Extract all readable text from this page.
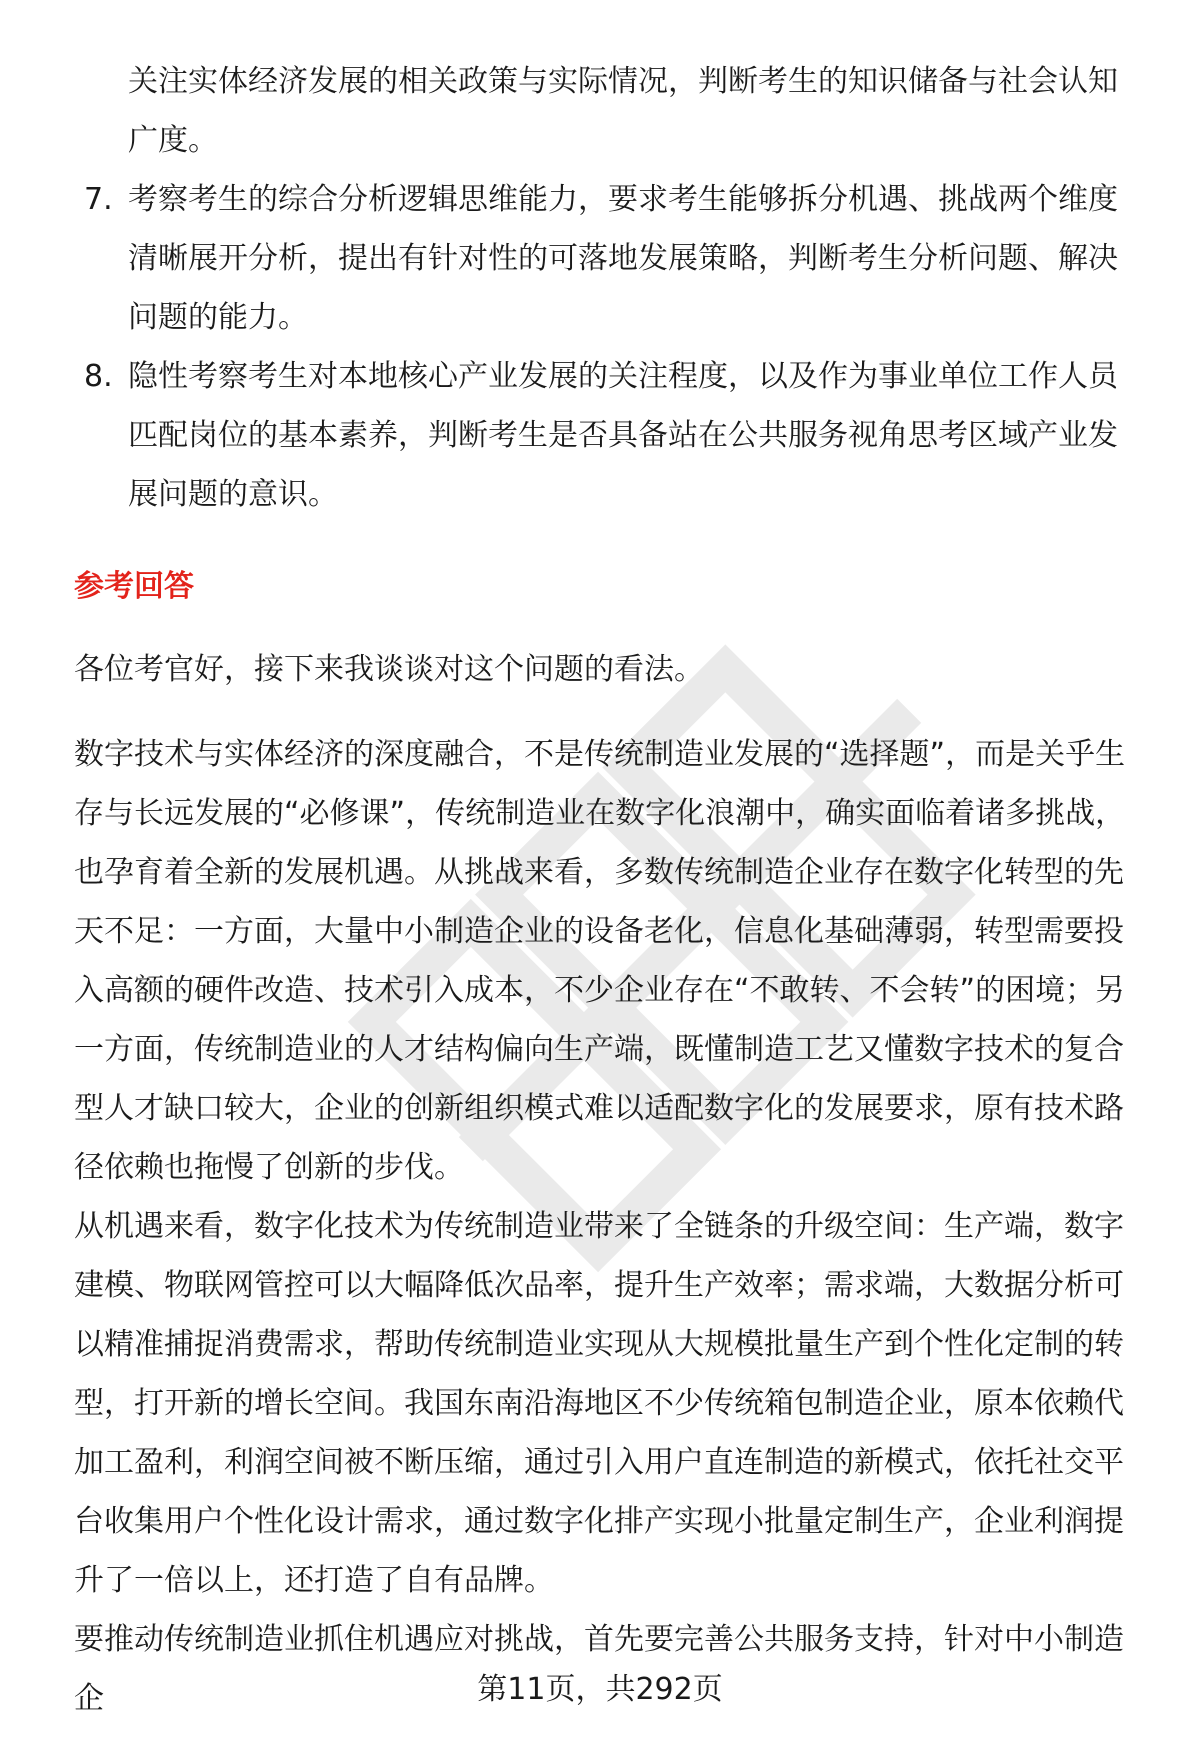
关注实体经济发展的相关政策与实际情况，判断考生的知识储备与社会认知广度。
7. 考察考生的综合分析逻辑思维能力，要求考生能够拆分机遇、挑战两个维度清晰展开分析，提出有针对性的可落地发展策略，判断考生分析问题、解决问题的能力。
8. 隐性考察考生对本地核心产业发展的关注程度，以及作为事业单位工作人员匹配岗位的基本素养，判断考生是否具备站在公共服务视角思考区域产业发展问题的意识。
参考回答

各位考官好，接下来我谈谈对这个问题的看法。

数字技术与实体经济的深度融合，不是传统制造业发展的“选择题”，而是关乎生存与长远发展的“必修课”，传统制造业在数字化浪潮中，确实面临着诸多挑战，也孕育着全新的发展机遇。从挑战来看，多数传统制造企业存在数字化转型的先天不足：一方面，大量中小制造企业的设备老化，信息化基础薄弱，转型需要投入高额的硬件改造、技术引入成本，不少企业存在“不敢转、不会转”的困境；另一方面，传统制造业的人才结构偏向生产端，既懂制造工艺又懂数字技术的复合型人才缺口较大，企业的创新组织模式难以适配数字化的发展要求，原有技术路径依赖也拖慢了创新的步伐。

从机遇来看，数字化技术为传统制造业带来了全链条的升级空间：生产端，数字建模、物联网管控可以大幅降低次品率，提升生产效率；需求端，大数据分析可以精准捕捉消费需求，帮助传统制造业实现从大规模批量生产到个性化定制的转型，打开新的增长空间。我国东南沿海地区不少传统箱包制造企业，原本依赖代加工盈利，利润空间被不断压缩，通过引入用户直连制造的新模式，依托社交平台收集用户个性化设计需求，通过数字化排产实现小批量定制生产，企业利润提升了一倍以上，还打造了自有品牌。

要推动传统制造业抓住机遇应对挑战，首先要完善公共服务支持，针对中小制造企	第11页，共292页
